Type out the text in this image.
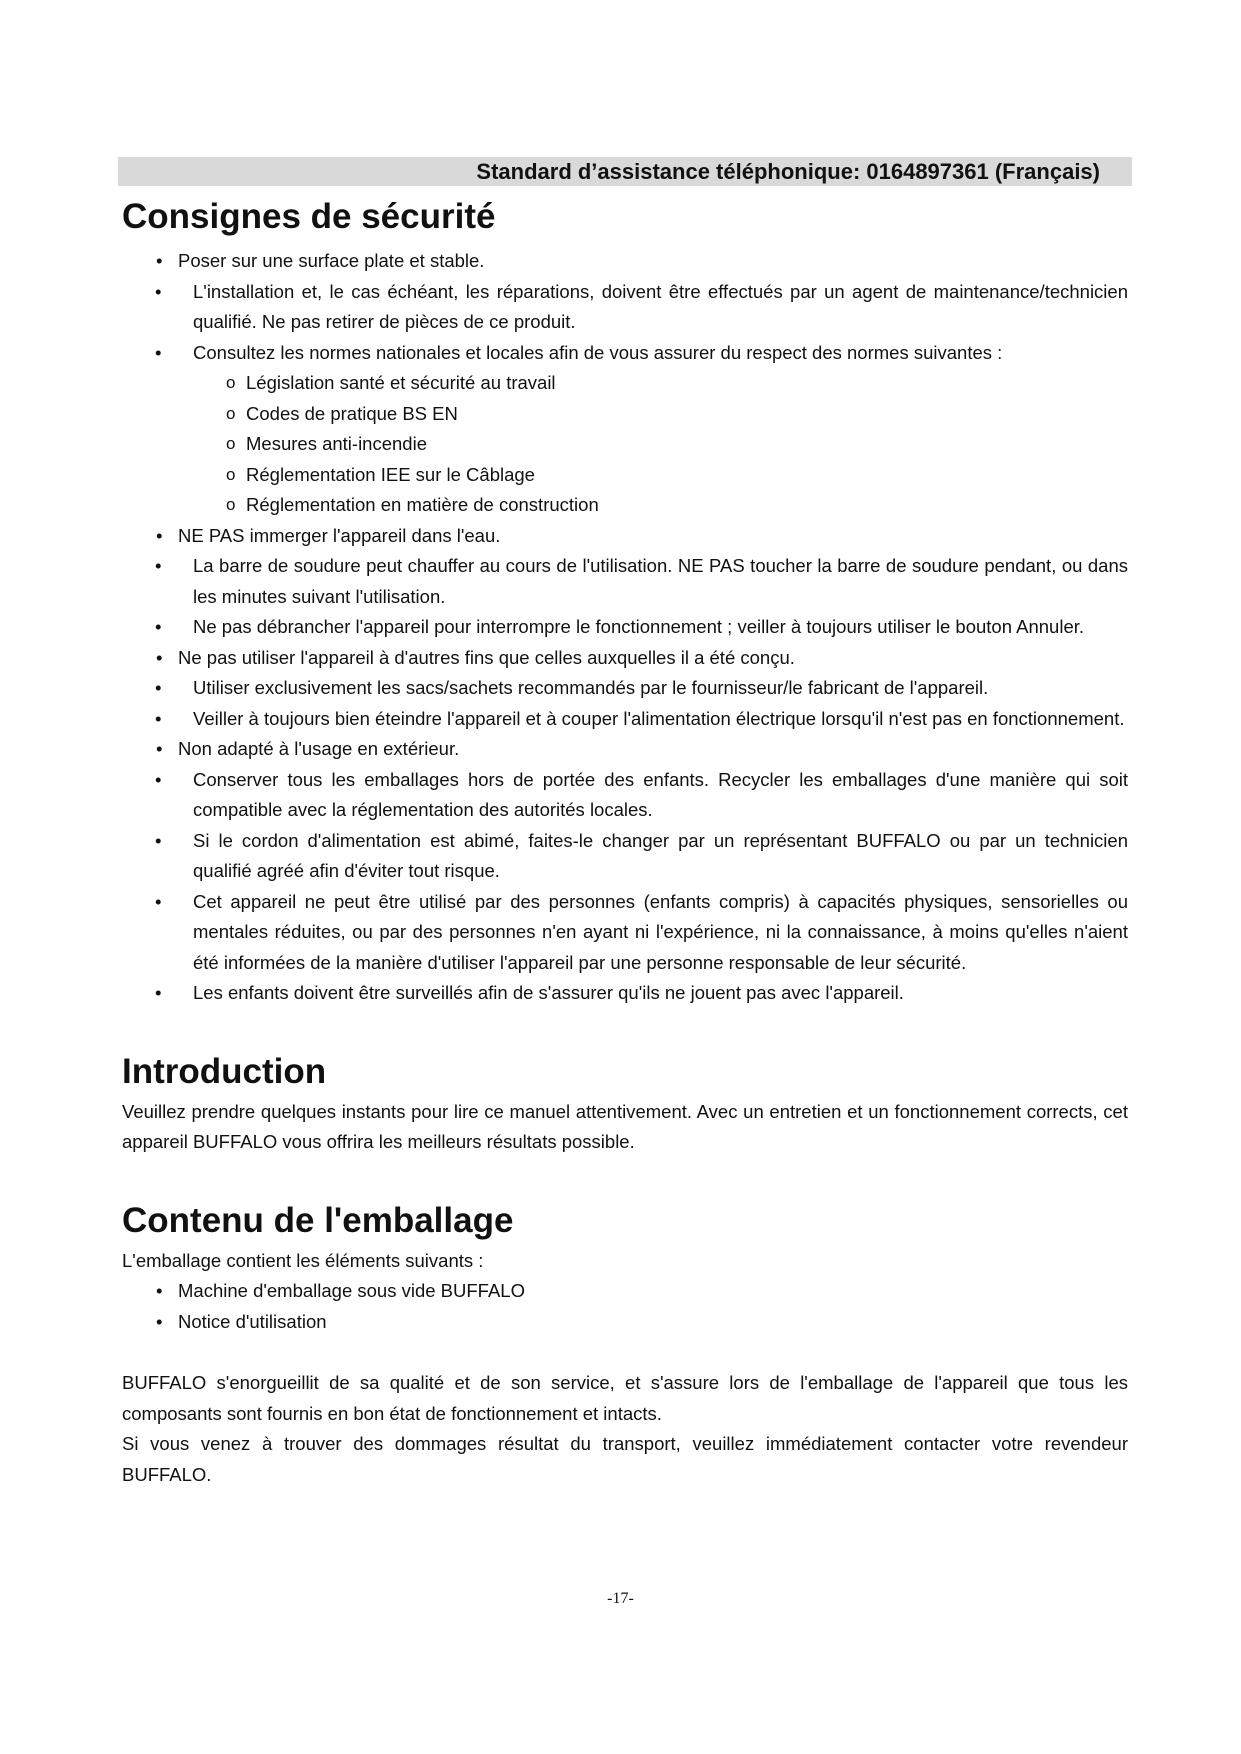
Standard d’assistance téléphonique: 0164897361 (Français)
Consignes de sécurité
• Poser sur une surface plate et stable.
• L'installation et, le cas échéant, les réparations, doivent être effectués par un agent de maintenance/technicien qualifié. Ne pas retirer de pièces de ce produit.
• Consultez les normes nationales et locales afin de vous assurer du respect des normes suivantes :
o Législation santé et sécurité au travail
o Codes de pratique BS EN
o Mesures anti-incendie
o Réglementation IEE sur le Câblage
o Réglementation en matière de construction
• NE PAS immerger l'appareil dans l'eau.
• La barre de soudure peut chauffer au cours de l'utilisation. NE PAS toucher la barre de soudure pendant, ou dans les minutes suivant l'utilisation.
• Ne pas débrancher l'appareil pour interrompre le fonctionnement ; veiller à toujours utiliser le bouton Annuler.
• Ne pas utiliser l'appareil à d'autres fins que celles auxquelles il a été conçu.
• Utiliser exclusivement les sacs/sachets recommandés par le fournisseur/le fabricant de l'appareil.
• Veiller à toujours bien éteindre l'appareil et à couper l'alimentation électrique lorsqu'il n'est pas en fonctionnement.
• Non adapté à l'usage en extérieur.
• Conserver tous les emballages hors de portée des enfants. Recycler les emballages d'une manière qui soit compatible avec la réglementation des autorités locales.
• Si le cordon d'alimentation est abimé, faites-le changer par un représentant BUFFALO ou par un technicien qualifié agréé afin d'éviter tout risque.
• Cet appareil ne peut être utilisé par des personnes (enfants compris) à capacités physiques, sensorielles ou mentales réduites, ou par des personnes n'en ayant ni l'expérience, ni la connaissance, à moins qu'elles n'aient été informées de la manière d'utiliser l'appareil par une personne responsable de leur sécurité.
• Les enfants doivent être surveillés afin de s'assurer qu'ils ne jouent pas avec l'appareil.
Introduction

Veuillez prendre quelques instants pour lire ce manuel attentivement. Avec un entretien et un fonctionnement corrects, cet appareil BUFFALO vous offrira les meilleurs résultats possible.

Contenu de l'emballage

L'emballage contient les éléments suivants :

• Machine d'emballage sous vide BUFFALO
• Notice d'utilisation

BUFFALO s'enorgueillit de sa qualité et de son service, et s'assure lors de l'emballage de l'appareil que tous les composants sont fournis en bon état de fonctionnement et intacts.

Si vous venez à trouver des dommages résultat du transport, veuillez immédiatement contacter votre revendeur BUFFALO.

-17-
